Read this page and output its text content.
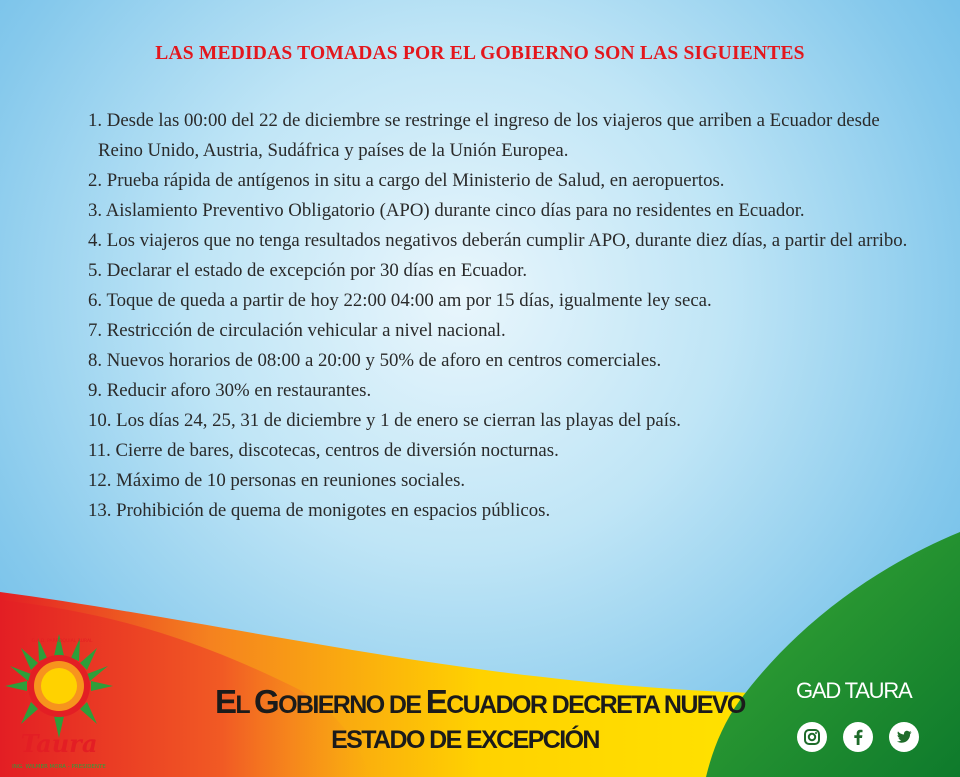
LAS MEDIDAS TOMADAS POR EL GOBIERNO SON LAS SIGUIENTES
1. Desde las 00:00 del 22 de diciembre se restringe el ingreso de los viajeros que arriben a Ecuador desde Reino Unido, Austria, Sudáfrica y países de la Unión Europea.
2. Prueba rápida de antígenos in situ a cargo del Ministerio de Salud, en aeropuertos.
3. Aislamiento Preventivo Obligatorio (APO) durante cinco días para no residentes en Ecuador.
4. Los viajeros que no tenga resultados negativos deberán cumplir APO, durante diez días, a partir del arribo.
5. Declarar el estado de excepción por 30 días en Ecuador.
6. Toque de queda a partir de hoy 22:00 04:00 am por 15 días, igualmente ley seca.
7. Restricción de circulación vehicular a nivel nacional.
8. Nuevos horarios de 08:00 a 20:00 y 50% de aforo en centros comerciales.
9. Reducir aforo 30% en restaurantes.
10. Los días 24, 25, 31 de diciembre y 1 de enero se cierran las playas del país.
11. Cierre de bares, discotecas, centros de diversión nocturnas.
12. Máximo de 10 personas en reuniones sociales.
13. Prohibición de quema de monigotes en espacios públicos.
Taura
ING. WILMER MORA - PRESIDENTE
G.A.D. PARROQUIAL RURAL
EL GOBIERNO DE ECUADOR DECRETA NUEVO
ESTADO DE EXCEPCIÓN
GAD TAURA
